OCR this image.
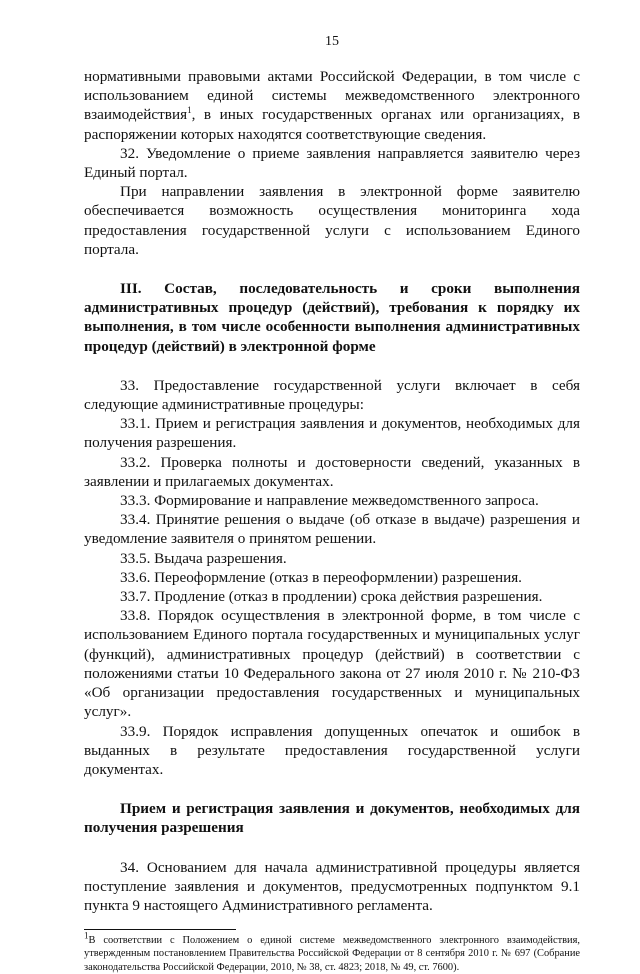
15

нормативными правовыми актами Российской Федерации, в том числе с использованием единой системы межведомственного электронного взаимодействия$^1$, в иных государственных органах или организациях, в распоряжении которых находятся соответствующие сведения.

32. Уведомление о приеме заявления направляется заявителю через Единый портал.

При направлении заявления в электронной форме заявителю обеспечивается возможность осуществления мониторинга хода предоставления государственной услуги с использованием Единого портала.

III. Состав, последовательность и сроки выполнения административных процедур (действий), требования к порядку их выполнения, в том числе особенности выполнения административных процедур (действий) в электронной форме

33. Предоставление государственной услуги включает в себя следующие административные процедуры:

33.1. Прием и регистрация заявления и документов, необходимых для получения разрешения.

33.2. Проверка полноты и достоверности сведений, указанных в заявлении и прилагаемых документах.

33.3. Формирование и направление межведомственного запроса.

33.4. Принятие решения о выдаче (об отказе в выдаче) разрешения и уведомление заявителя о принятом решении.

33.5. Выдача разрешения.

33.6. Переоформление (отказ в переоформлении) разрешения.

33.7. Продление (отказ в продлении) срока действия разрешения.

33.8. Порядок осуществления в электронной форме, в том числе с использованием Единого портала государственных и муниципальных услуг (функций), административных процедур (действий) в соответствии с положениями статьи 10 Федерального закона от 27 июля 2010 г. № 210-ФЗ «Об организации предоставления государственных и муниципальных услуг».

33.9. Порядок исправления допущенных опечаток и ошибок в выданных в результате предоставления государственной услуги документах.

Прием и регистрация заявления и документов, необходимых для получения разрешения

34. Основанием для начала административной процедуры является поступление заявления и документов, предусмотренных подпунктом 9.1 пункта 9 настоящего Административного регламента.

$^1$В соответствии с Положением о единой системе межведомственного электронного взаимодействия, утвержденным постановлением Правительства Российской Федерации от 8 сентября 2010 г. № 697 (Собрание законодательства Российской Федерации, 2010, № 38, ст. 4823; 2018, № 49, ст. 7600).
